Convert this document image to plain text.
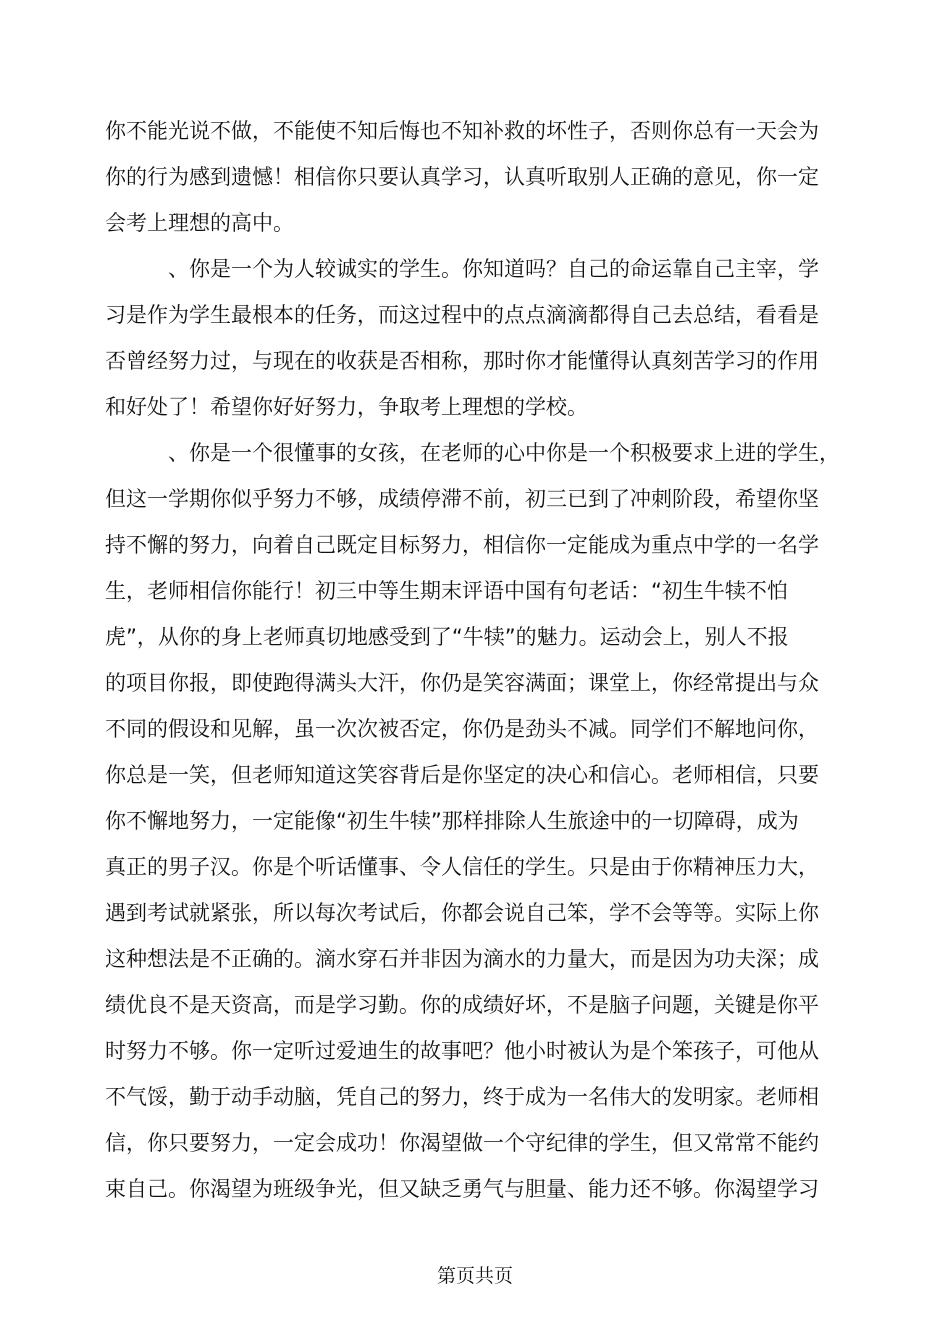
你不能光说不做，不能使不知后悔也不知补救的坏性子，否则你总有一天会为
你的行为感到遗憾！相信你只要认真学习，认真听取别人正确的意见，你一定
会考上理想的高中。
、你是一个为人较诚实的学生。你知道吗？自己的命运靠自己主宰，学
习是作为学生最根本的任务，而这过程中的点点滴滴都得自己去总结，看看是
否曾经努力过，与现在的收获是否相称，那时你才能懂得认真刻苦学习的作用
和好处了！希望你好好努力，争取考上理想的学校。
、你是一个很懂事的女孩，在老师的心中你是一个积极要求上进的学生，
但这一学期你似乎努力不够，成绩停滞不前，初三已到了冲刺阶段，希望你坚
持不懈的努力，向着自己既定目标努力，相信你一定能成为重点中学的一名学
生，老师相信你能行！初三中等生期末评语中国有句老话：“初生牛犊不怕
虎”，从你的身上老师真切地感受到了“牛犊”的魅力。运动会上，别人不报
的项目你报，即使跑得满头大汗，你仍是笑容满面；课堂上，你经常提出与众
不同的假设和见解，虽一次次被否定，你仍是劲头不减。同学们不解地问你，
你总是一笑，但老师知道这笑容背后是你坚定的决心和信心。老师相信，只要
你不懈地努力，一定能像“初生牛犊”那样排除人生旅途中的一切障碍，成为
真正的男子汉。你是个听话懂事、令人信任的学生。只是由于你精神压力大，
遇到考试就紧张，所以每次考试后，你都会说自己笨，学不会等等。实际上你
这种想法是不正确的。滴水穿石并非因为滴水的力量大，而是因为功夫深；成
绩优良不是天资高，而是学习勤。你的成绩好坏，不是脑子问题，关键是你平
时努力不够。你一定听过爱迪生的故事吧？他小时被认为是个笨孩子，可他从
不气馁，勤于动手动脑，凭自己的努力，终于成为一名伟大的发明家。老师相
信，你只要努力，一定会成功！你渴望做一个守纪律的学生，但又常常不能约
束自己。你渴望为班级争光，但又缺乏勇气与胆量、能力还不够。你渴望学习
第页共页
